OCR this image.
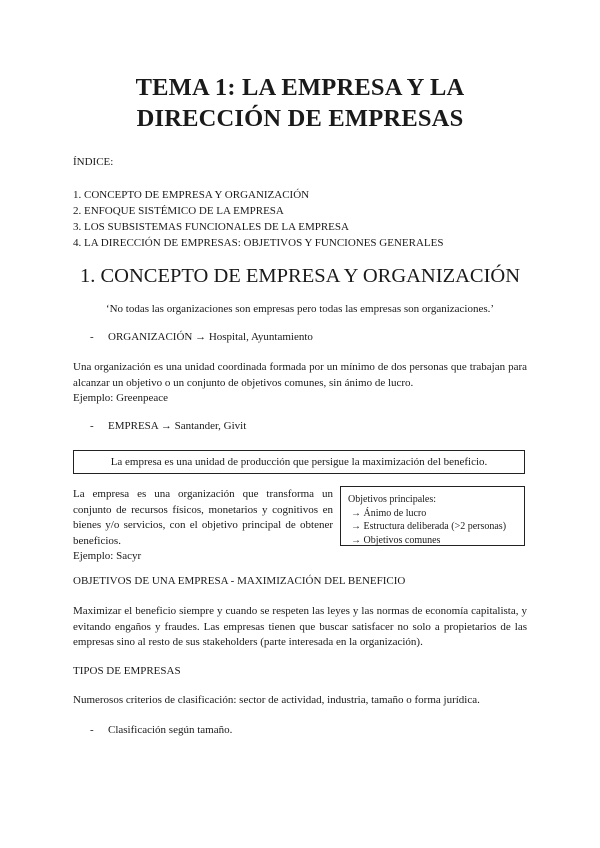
TEMA 1: LA EMPRESA Y LA
DIRECCIÓN DE EMPRESAS
ÍNDICE:
1. CONCEPTO DE EMPRESA Y ORGANIZACIÓN
2. ENFOQUE SISTÉMICO DE LA EMPRESA
3. LOS SUBSISTEMAS FUNCIONALES DE LA EMPRESA
4. LA DIRECCIÓN DE EMPRESAS: OBJETIVOS Y FUNCIONES GENERALES
1. CONCEPTO DE EMPRESA Y ORGANIZACIÓN
‘No todas las organizaciones son empresas pero todas las empresas son organizaciones.’
- ORGANIZACIÓN → Hospital, Ayuntamiento
Una organización es una unidad coordinada formada por un mínimo de dos personas que trabajan para
alcanzar un objetivo o un conjunto de objetivos comunes, sin ánimo de lucro.
Ejemplo: Greenpeace
- EMPRESA → Santander, Givit
La empresa es una unidad de producción que persigue la maximización del beneficio.
La empresa es una organización que transforma un
conjunto de recursos físicos, monetarios y cognitivos en
bienes y/o servicios, con el objetivo principal de obtener
beneficios.
Ejemplo: Sacyr
Objetivos principales:
→ Ánimo de lucro
→ Estructura deliberada (>2 personas)
→ Objetivos comunes
OBJETIVOS DE UNA EMPRESA - MAXIMIZACIÓN DEL BENEFICIO
Maximizar el beneficio siempre y cuando se respeten las leyes y las normas de economía capitalista, y
evitando engaños y fraudes. Las empresas tienen que buscar satisfacer no solo a propietarios de las
empresas sino al resto de sus stakeholders (parte interesada en la organización).
TIPOS DE EMPRESAS
Numerosos criterios de clasificación: sector de actividad, industria, tamaño o forma jurídica.
- Clasificación según tamaño.
